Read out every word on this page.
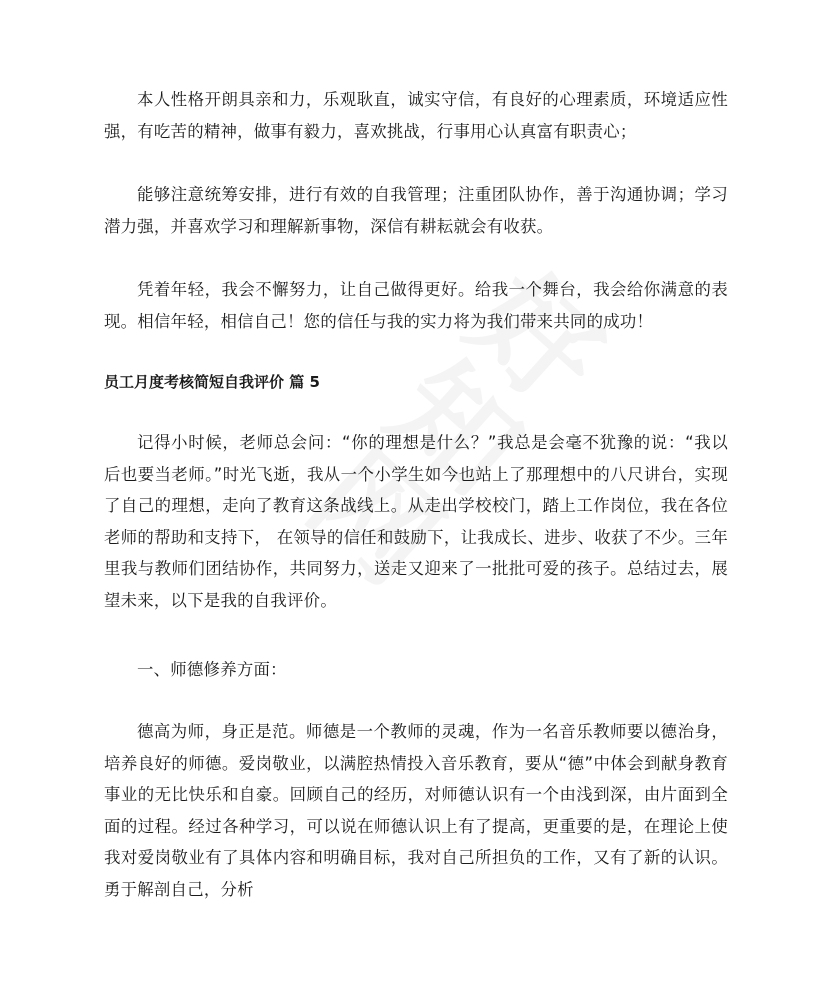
本人性格开朗具亲和力，乐观耿直，诚实守信，有良好的心理素质，环境适应性强，有吃苦的精神，做事有毅力，喜欢挑战，行事用心认真富有职责心；

能够注意统筹安排，进行有效的自我管理；注重团队协作，善于沟通协调；学习潜力强，并喜欢学习和理解新事物，深信有耕耘就会有收获。

凭着年轻，我会不懈努力，让自己做得更好。给我一个舞台，我会给你满意的表现。相信年轻，相信自己！您的信任与我的实力将为我们带来共同的成功！

员工月度考核简短自我评价 篇 5

记得小时候，老师总会问：“你的理想是什么？”我总是会毫不犹豫的说：“我以后也要当老师。”时光飞逝，我从一个小学生如今也站上了那理想中的八尺讲台，实现了自己的理想，走向了教育这条战线上。从走出学校校门，踏上工作岗位，我在各位老师的帮助和支持下， 在领导的信任和鼓励下，让我成长、进步、收获了不少。三年里我与教师们团结协作，共同努力，送走又迎来了一批批可爱的孩子。总结过去，展望未来，以下是我的自我评价。

一、师德修养方面：

德高为师，身正是范。师德是一个教师的灵魂，作为一名音乐教师要以德治身，培养良好的师德。爱岗敬业，以满腔热情投入音乐教育，要从“德”中体会到献身教育事业的无比快乐和自豪。回顾自己的经历，对师德认识有一个由浅到深，由片面到全面的过程。经过各种学习，可以说在师德认识上有了提高，更重要的是，在理论上使我对爱岗敬业有了具体内容和明确目标，我对自己所担负的工作，又有了新的认识。勇于解剖自己，分析
